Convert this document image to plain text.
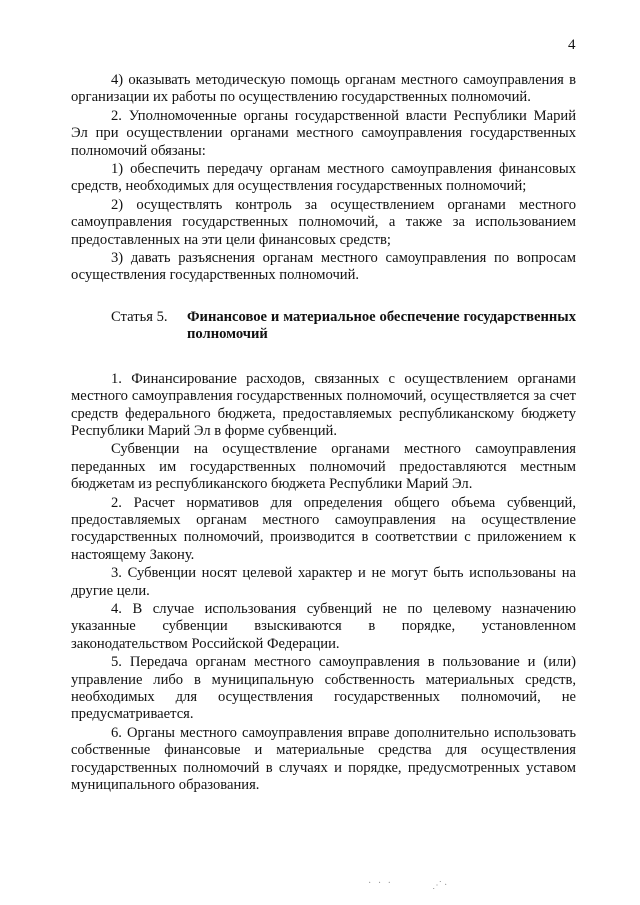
4

4) оказывать методическую помощь органам местного самоуправления в организации их работы по осуществлению государственных полномочий.

2. Уполномоченные органы государственной власти Республики Марий Эл при осуществлении органами местного самоуправления государственных полномочий обязаны:

1) обеспечить передачу органам местного самоуправления финансовых средств, необходимых для осуществления государственных полномочий;

2) осуществлять контроль за осуществлением органами местного самоуправления государственных полномочий, а также за использованием предоставленных на эти цели финансовых средств;

3) давать разъяснения органам местного самоуправления по вопросам осуществления государственных полномочий.

Статья 5.	Финансовое и материальное обеспечение государственных полномочий

1. Финансирование расходов, связанных с осуществлением органами местного самоуправления государственных полномочий, осуществляется за счет средств федерального бюджета, предоставляемых республиканскому бюджету Республики Марий Эл в форме субвенций.

Субвенции на осуществление органами местного самоуправления переданных им государственных полномочий предоставляются местным бюджетам из республиканского бюджета Республики Марий Эл.

2. Расчет нормативов для определения общего объема субвенций, предоставляемых органам местного самоуправления на осуществление государственных полномочий, производится в соответствии с приложением к настоящему Закону.

3. Субвенции носят целевой характер и не могут быть использованы на другие цели.

4. В случае использования субвенций не по целевому назначению указанные субвенции взыскиваются в порядке, установленном законодательством Российской Федерации.

5. Передача органам местного самоуправления в пользование и (или) управление либо в муниципальную собственность материальных средств, необходимых для осуществления государственных полномочий, не предусматривается.

6. Органы местного самоуправления вправе дополнительно использовать собственные финансовые и материальные средства для осуществления государственных полномочий в случаях и порядке, предусмотренных уставом муниципального образования.

· · ·	⋰·
